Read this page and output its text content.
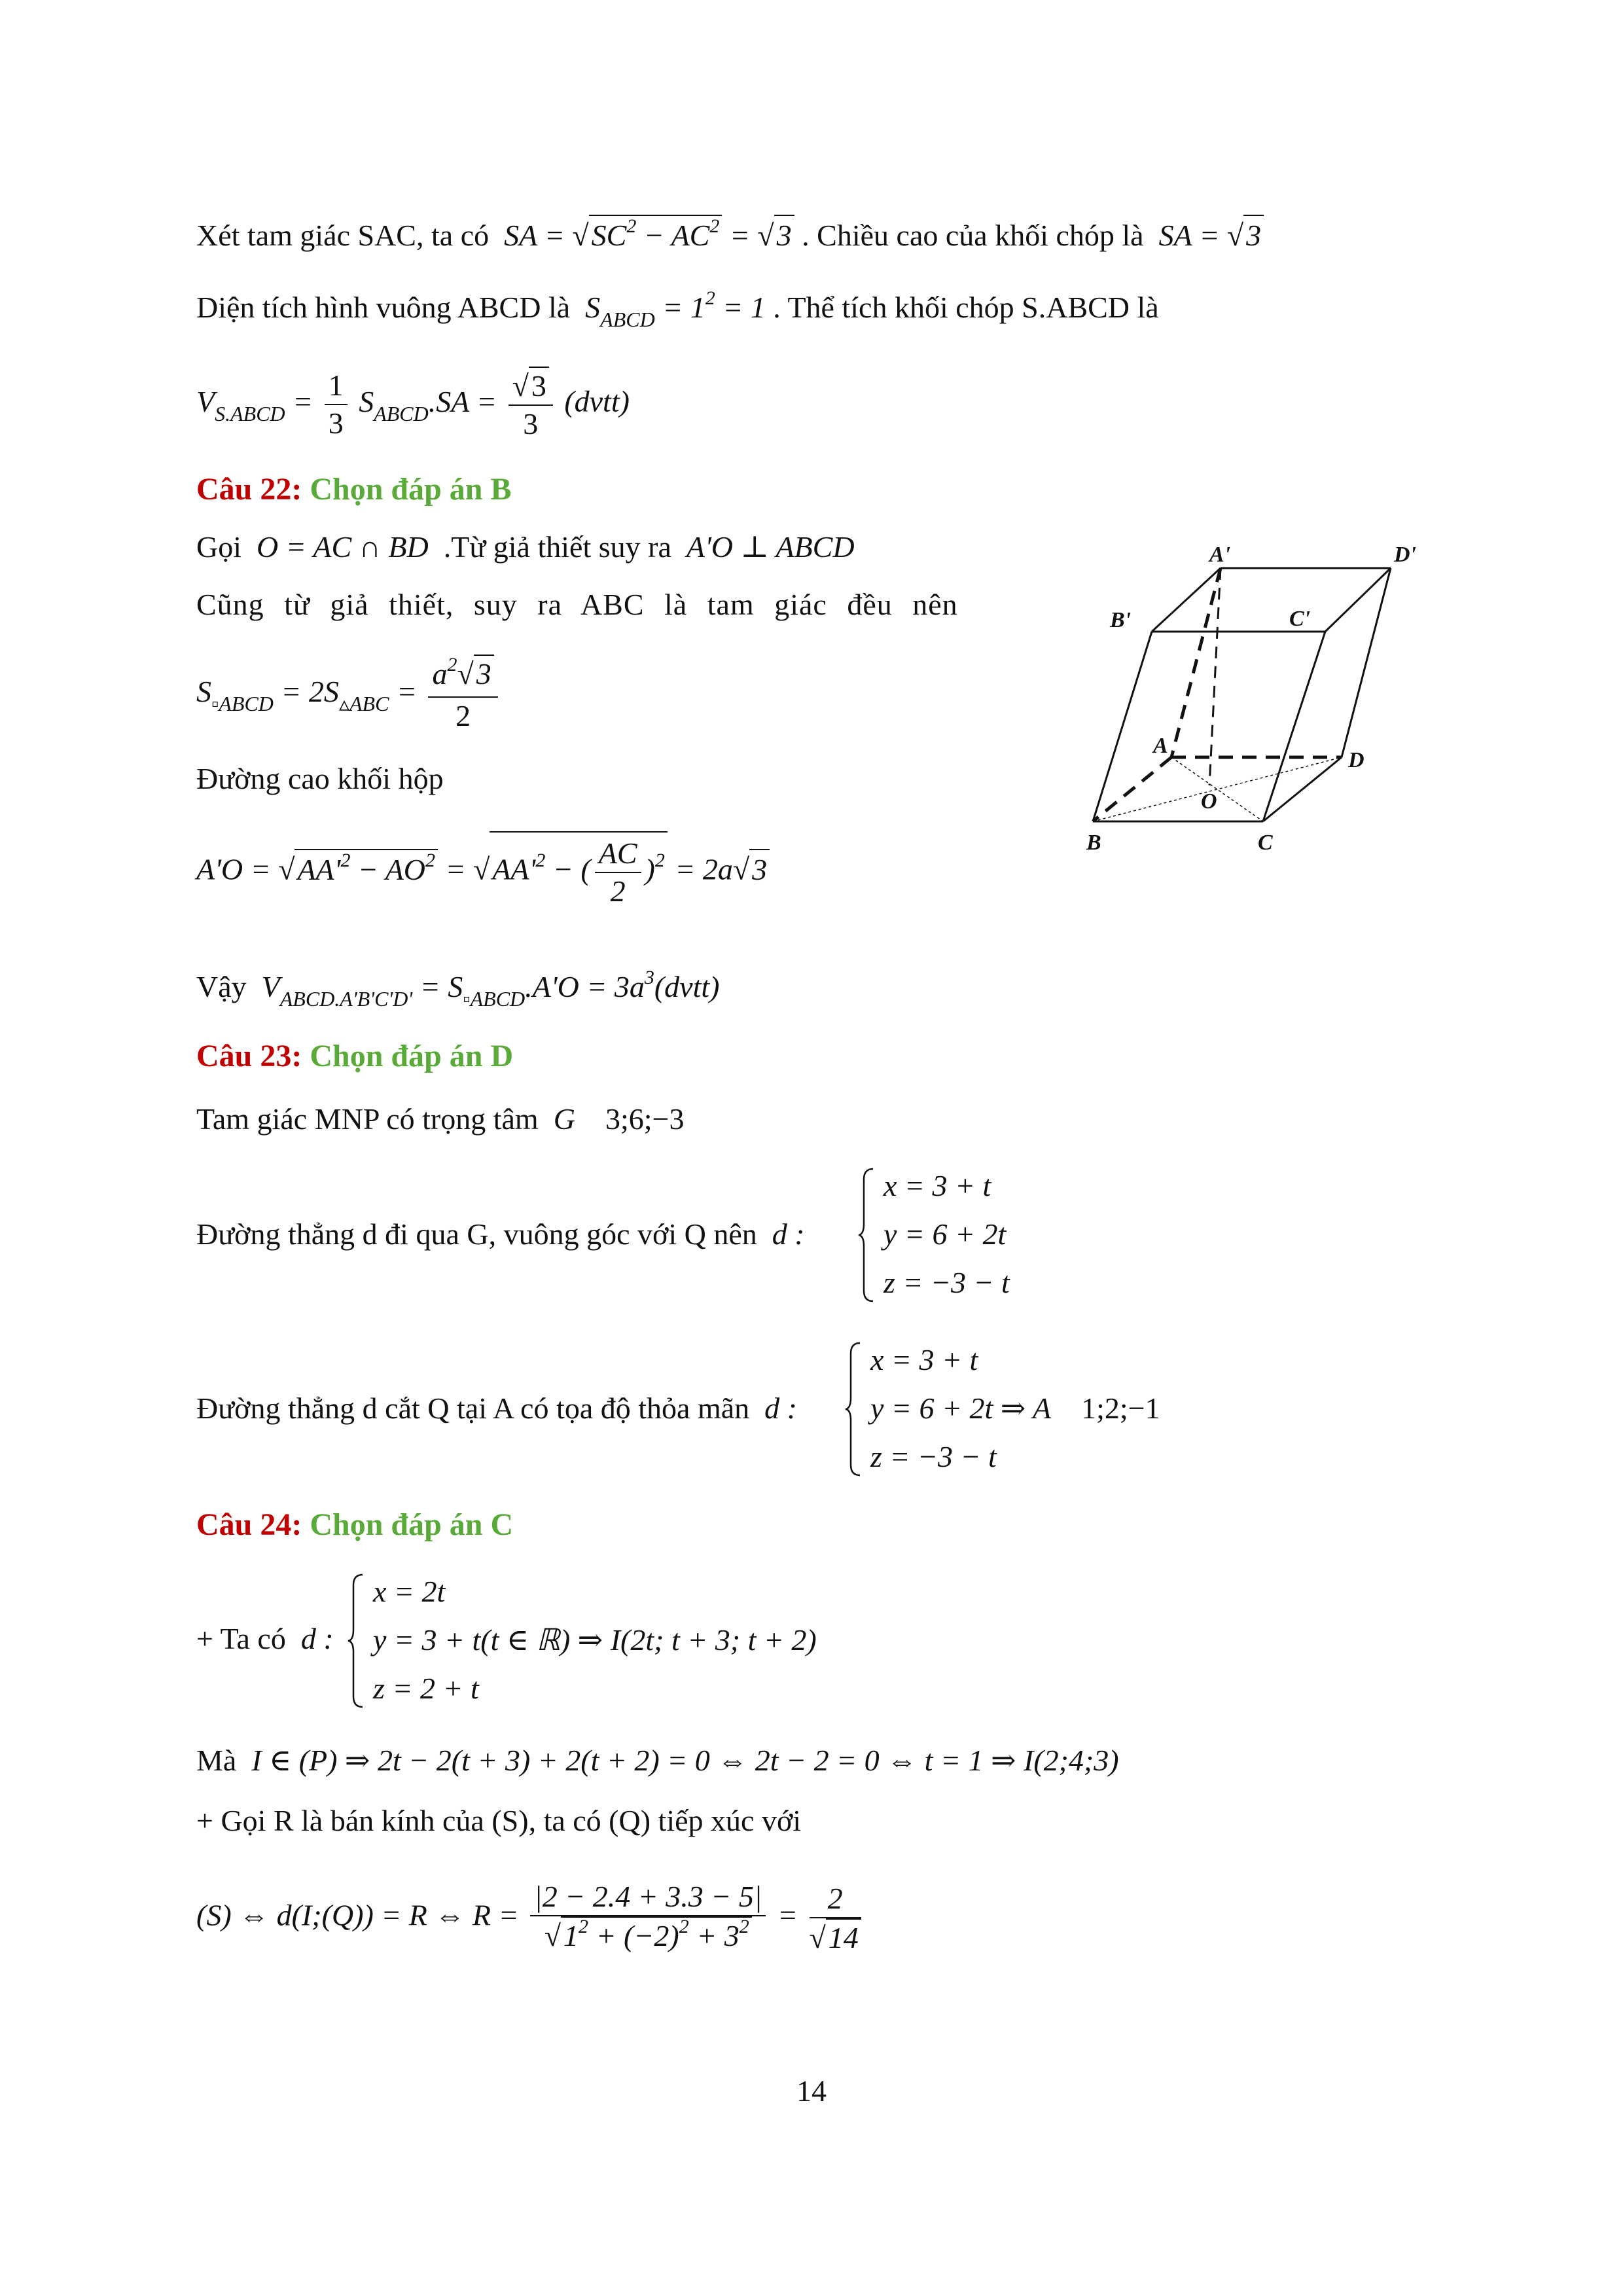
Xét tam giác SAC, ta có  SA = $√SC^2 - AC^2 = √3$ . Chiều cao của khối chóp là  SA = √3
Diện tích hình vuông ABCD là  $S_{ABCD} = 1^2 = 1$ . Thể tích khối chóp S.ABCD là
$V_{S.ABCD} = \frac{1}{3} S_{ABCD}.SA = \frac{√3}{3}$ (dvtt)
Câu 22: Chọn đáp án B
Gọi  O = AC ∩ BD  .Từ giả thiết suy ra  A'O ⊥ ABCD
Cũng từ giả thiết, suy ra ABC là tam giác đều nên
$S_{▫ABCD} = 2S_{▵ABC} = \frac{a^2√3}{2}$
Đường cao khối hộp
$A'O = √AA'^2 - AO^2 = √AA'^2$ − ( $\frac{AC}{2} )^2 = 2a√3$
Vậy  $V_{ABCD.A'B'C'D'} = S_{▫ABCD}.A'O$ = $3a^3(dvtt)$
A'	D'
B'	C'
A
D
O
B	C
Câu 23: Chọn đáp án D
Tam giác MNP có trọng tâm  G    3;6;−3
Đường thẳng d đi qua G, vuông góc với Q nên  d :
x = 3 + t
y = 6 + 2t
z = −3 − t
Đường thẳng d cắt Q tại A có tọa độ thỏa mãn  d :
x = 3 + t
y = 6 + 2t ⇒ A    1;2;−1
z = −3 − t
Câu 24: Chọn đáp án C
+ Ta có  d :
x = 2t
y = 3 + t(t ∈ ℝ) ⇒ I(2t; t + 3; t + 2)
z = 2 + t
Mà  I ∈ (P) ⇒ 2t − 2(t + 3) + 2(t + 2) = 0 ⇔ 2t − 2 = 0 ⇔ t = 1 ⇒ I(2;4;3)
+ Gọi R là bán kính của (S), ta có (Q) tiếp xúc với
(S) ⇔ d(I;(Q)) = R ⇔ $R = \frac{|2 - 2.4 + 3.3 - 5|}{√1^2 + (-2)^2 + 3^2} = \frac{2}{√14}$
14
